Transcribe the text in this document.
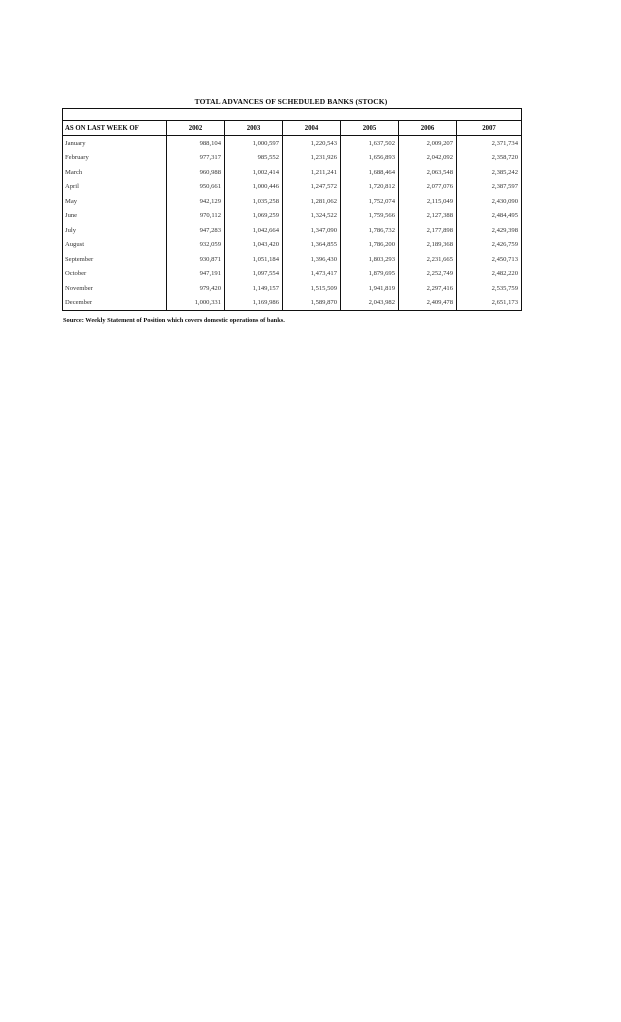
TOTAL ADVANCES OF SCHEDULED BANKS (STOCK)

AS ON LAST WEEK OF	2002	2003	2004	2005	2006	2007
January	988,104	1,000,597	1,220,543	1,637,502	2,009,207	2,371,734
February	977,317	985,552	1,231,926	1,656,893	2,042,092	2,358,720
March	960,988	1,002,414	1,211,241	1,688,464	2,063,548	2,385,242
April	950,661	1,000,446	1,247,572	1,720,812	2,077,076	2,387,597
May	942,129	1,035,258	1,281,062	1,752,074	2,115,049	2,430,090
June	970,112	1,069,259	1,324,522	1,759,566	2,127,388	2,484,495
July	947,283	1,042,664	1,347,090	1,786,732	2,177,898	2,429,398
August	932,059	1,043,420	1,364,855	1,786,200	2,189,368	2,426,759
September	930,871	1,051,184	1,396,430	1,803,293	2,231,665	2,450,713
October	947,191	1,097,554	1,473,417	1,879,695	2,252,749	2,482,220
November	979,420	1,149,157	1,515,509	1,941,819	2,297,416	2,535,759
December	1,000,331	1,169,986	1,589,870	2,043,982	2,409,478	2,651,173
Source: Weekly Statement of Position which covers domestic operations of banks.
